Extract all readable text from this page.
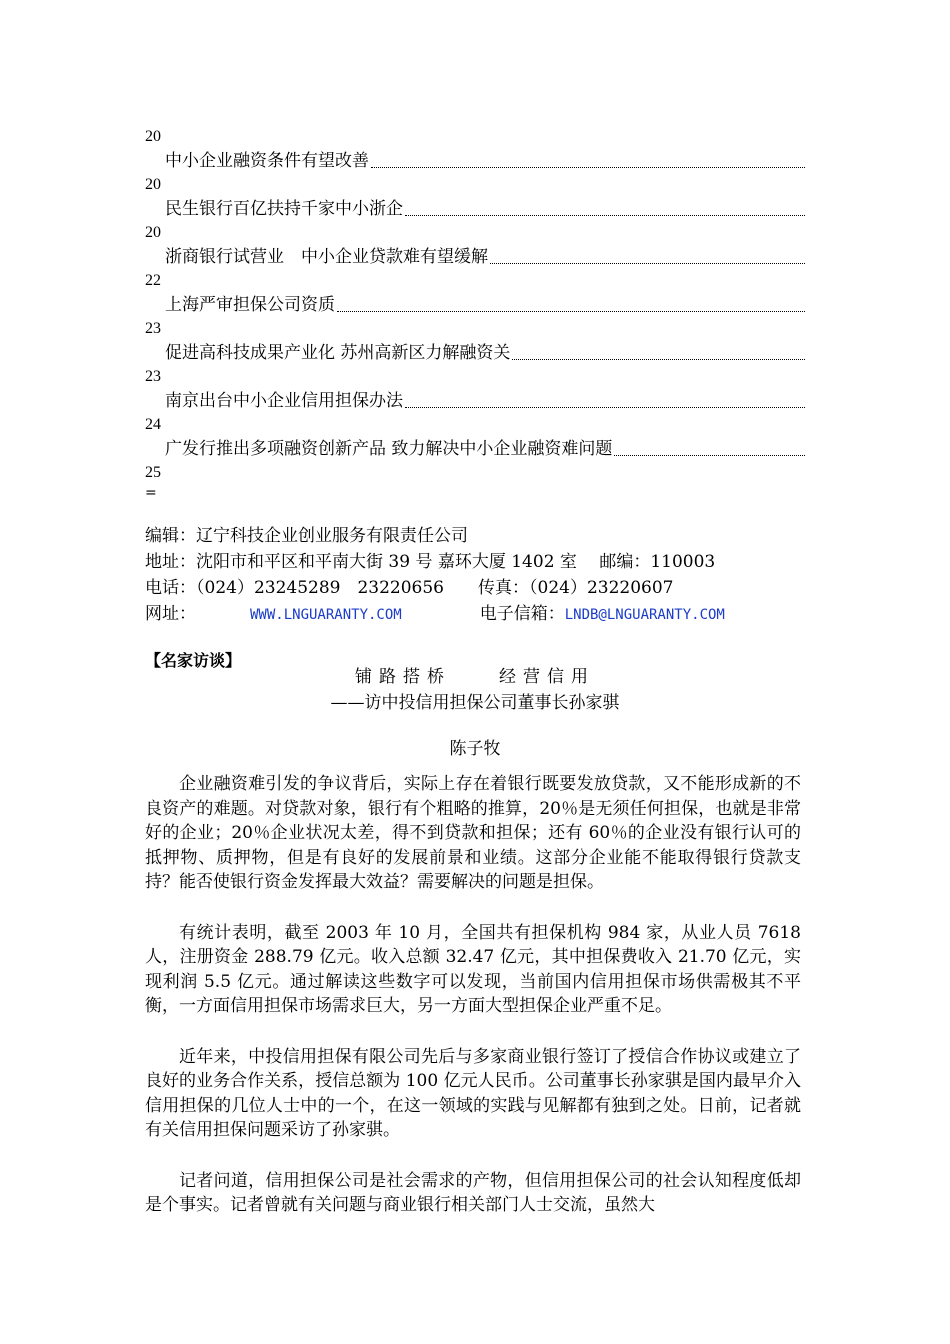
20
中小企业融资条件有望改善
20
民生银行百亿扶持千家中小浙企
20
浙商银行试营业　中小企业贷款难有望缓解
22
上海严审担保公司资质
23
促进高科技成果产业化 苏州高新区力解融资关
23
南京出台中小企业信用担保办法
24
广发行推出多项融资创新产品 致力解决中小企业融资难问题
25
=
编辑：辽宁科技企业创业服务有限责任公司
地址：沈阳市和平区和平南大街 39 号 嘉环大厦 1402 室　 邮编：110003
电话：（024）23245289　23220656　　传真：（024）23220607
网址：	WWW.LNGUARANTY.COM	电子信箱：LNDB@LNGUARANTY.COM
【名家访谈】
铺路搭桥　　经营信用
——访中投信用担保公司董事长孙家骐
陈子牧

企业融资难引发的争议背后，实际上存在着银行既要发放贷款，又不能形成新的不良资产的难题。对贷款对象，银行有个粗略的推算，20％是无须任何担保，也就是非常好的企业；20％企业状况太差，得不到贷款和担保；还有 60％的企业没有银行认可的抵押物、质押物，但是有良好的发展前景和业绩。这部分企业能不能取得银行贷款支持？能否使银行资金发挥最大效益？需要解决的问题是担保。

有统计表明，截至 2003 年 10 月，全国共有担保机构 984 家，从业人员 7618 人，注册资金 288.79 亿元。收入总额 32.47 亿元，其中担保费收入 21.70 亿元，实现利润 5.5 亿元。通过解读这些数字可以发现，当前国内信用担保市场供需极其不平衡，一方面信用担保市场需求巨大，另一方面大型担保企业严重不足。

近年来，中投信用担保有限公司先后与多家商业银行签订了授信合作协议或建立了良好的业务合作关系，授信总额为 100 亿元人民币。公司董事长孙家骐是国内最早介入信用担保的几位人士中的一个，在这一领域的实践与见解都有独到之处。日前，记者就有关信用担保问题采访了孙家骐。

记者问道，信用担保公司是社会需求的产物，但信用担保公司的社会认知程度低却是个事实。记者曾就有关问题与商业银行相关部门人士交流，虽然大
